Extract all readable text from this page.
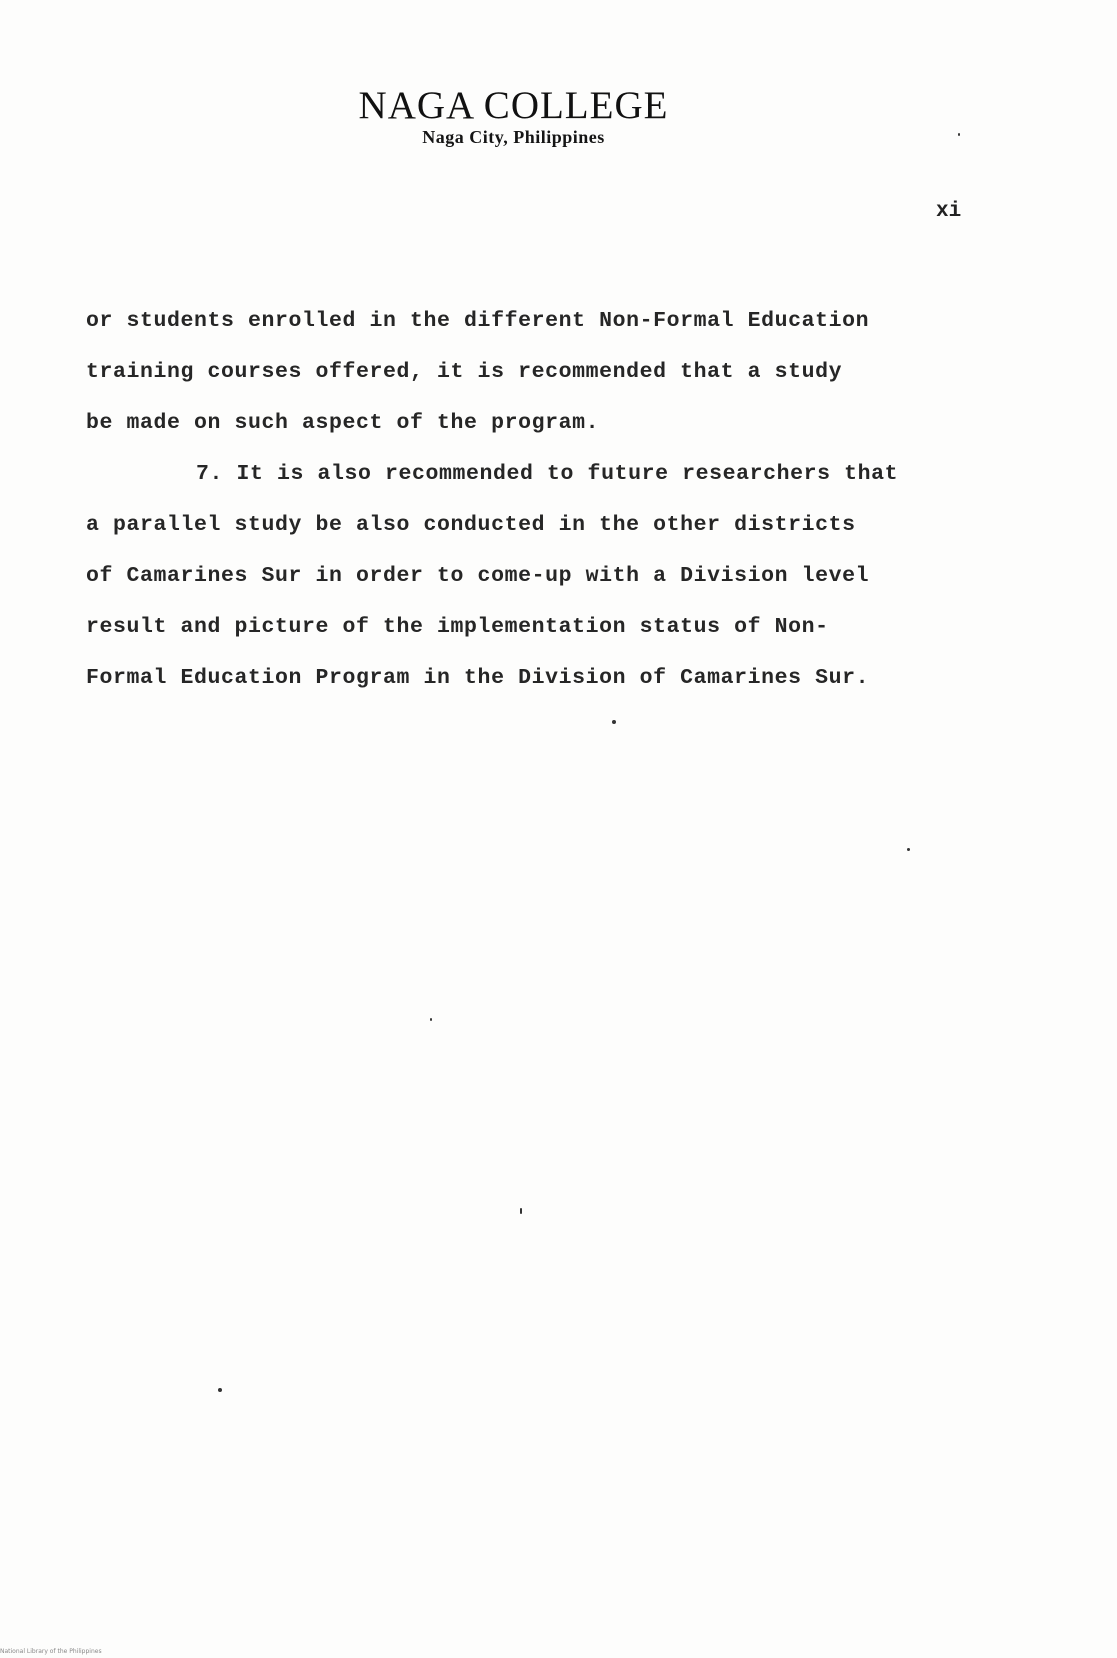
NAGA COLLEGE
Naga City, Philippines
xi
or students enrolled in the different Non-Formal Education
training courses offered, it is recommended that a study
be made on such aspect of the program.
7. It is also recommended to future researchers that
a parallel study be also conducted in the other districts
of Camarines Sur in order to come-up with a Division level
result and picture of the implementation status of Non-
Formal Education Program in the Division of Camarines Sur.
National Library of the Philippines
